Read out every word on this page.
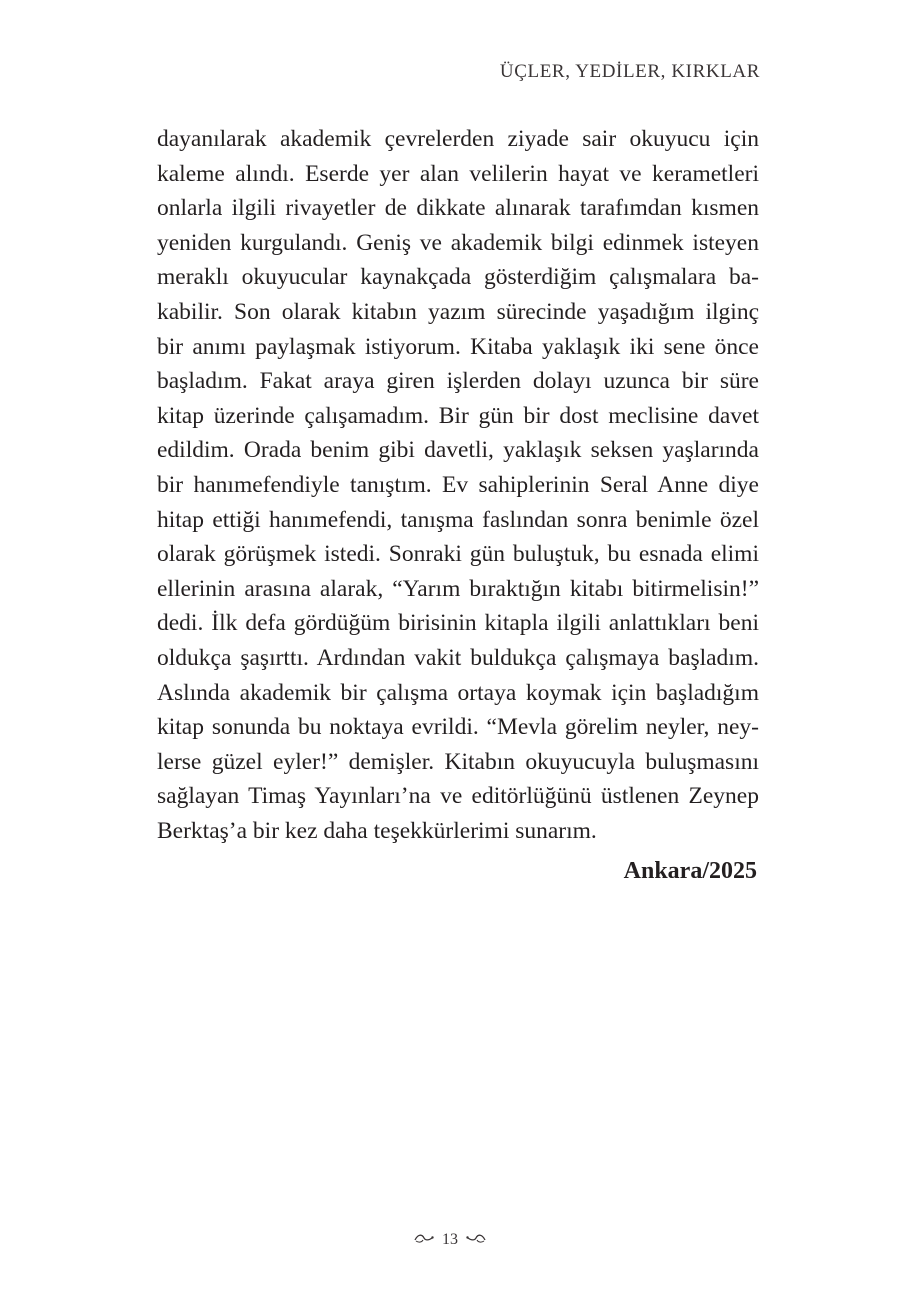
ÜÇLER, YEDİLER, KIRKLAR
dayanılarak akademik çevrelerden ziyade sair okuyucu için
kaleme alındı. Eserde yer alan velilerin hayat ve kerametleri
onlarla ilgili rivayetler de dikkate alınarak tarafımdan kısmen
yeniden kurgulandı. Geniş ve akademik bilgi edinmek isteyen
meraklı okuyucular kaynakçada gösterdiğim çalışmalara ba-
kabilir. Son olarak kitabın yazım sürecinde yaşadığım ilginç
bir anımı paylaşmak istiyorum. Kitaba yaklaşık iki sene önce
başladım. Fakat araya giren işlerden dolayı uzunca bir süre
kitap üzerinde çalışamadım. Bir gün bir dost meclisine davet
edildim. Orada benim gibi davetli, yaklaşık seksen yaşlarında
bir hanımefendiyle tanıştım. Ev sahiplerinin Seral Anne diye
hitap ettiği hanımefendi, tanışma faslından sonra benimle özel
olarak görüşmek istedi. Sonraki gün buluştuk, bu esnada elimi
ellerinin arasına alarak, “Yarım bıraktığın kitabı bitirmelisin!”
dedi. İlk defa gördüğüm birisinin kitapla ilgili anlattıkları beni
oldukça şaşırttı. Ardından vakit buldukça çalışmaya başladım.
Aslında akademik bir çalışma ortaya koymak için başladığım
kitap sonunda bu noktaya evrildi. “Mevla görelim neyler, ney-
lerse güzel eyler!” demişler. Kitabın okuyucuyla buluşmasını
sağlayan Timaş Yayınları’na ve editörlüğünü üstlenen Zeynep
Berktaş’a bir kez daha teşekkürlerimi sunarım.
Ankara/2025
13
